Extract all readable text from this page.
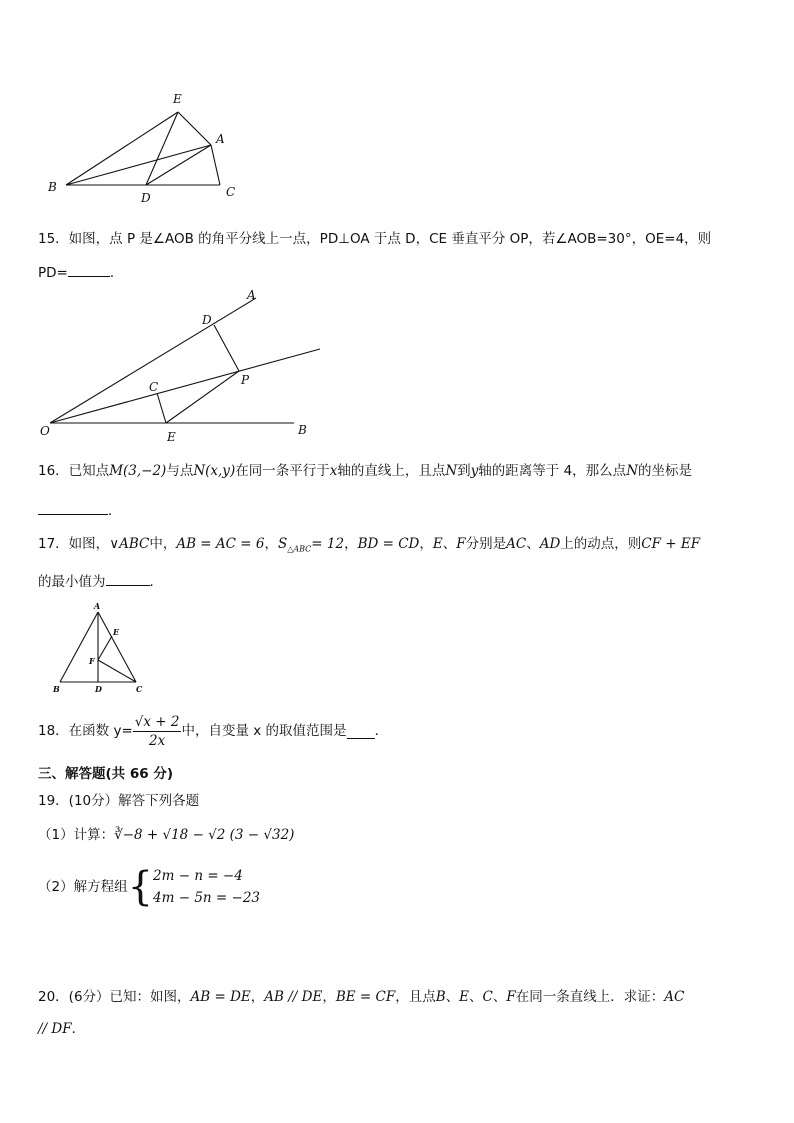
E
A
B
D	C
15．如图，点 P 是∠AOB 的角平分线上一点，PD⊥OA 于点 D，CE 垂直平分 OP，若∠AOB=30°，OE=4，则
PD=	．
A
D
P
C
O	E	B
16．已知点M(3,−2)与点N(x,y)在同一条平行于x轴的直线上，且点N到y轴的距离等于 4，那么点N的坐标是
．
17．如图，∨ABC中，AB = AC = 6，$S_{\triangle ABC}= 12$，BD = CD，E、F分别是AC、AD上的动点，则CF + EF
的最小值为	．
A
E
F
B	D	C
18．在函数 $y= \frac{√x + 2}{2x}$ 中，自变量 x 的取值范围是 ．
三、解答题(共 66 分)
19．(10分）解答下列各题
（1）计算：∛−8 + √18 − √2 (3 − √32)
（2）解方程组 { 2m − n = −4
4m − 5n = −23
20．(6分）已知：如图，AB = DE，AB // DE，BE = CF，且点B、E、C、F在同一条直线上．求证：AC
// DF．
